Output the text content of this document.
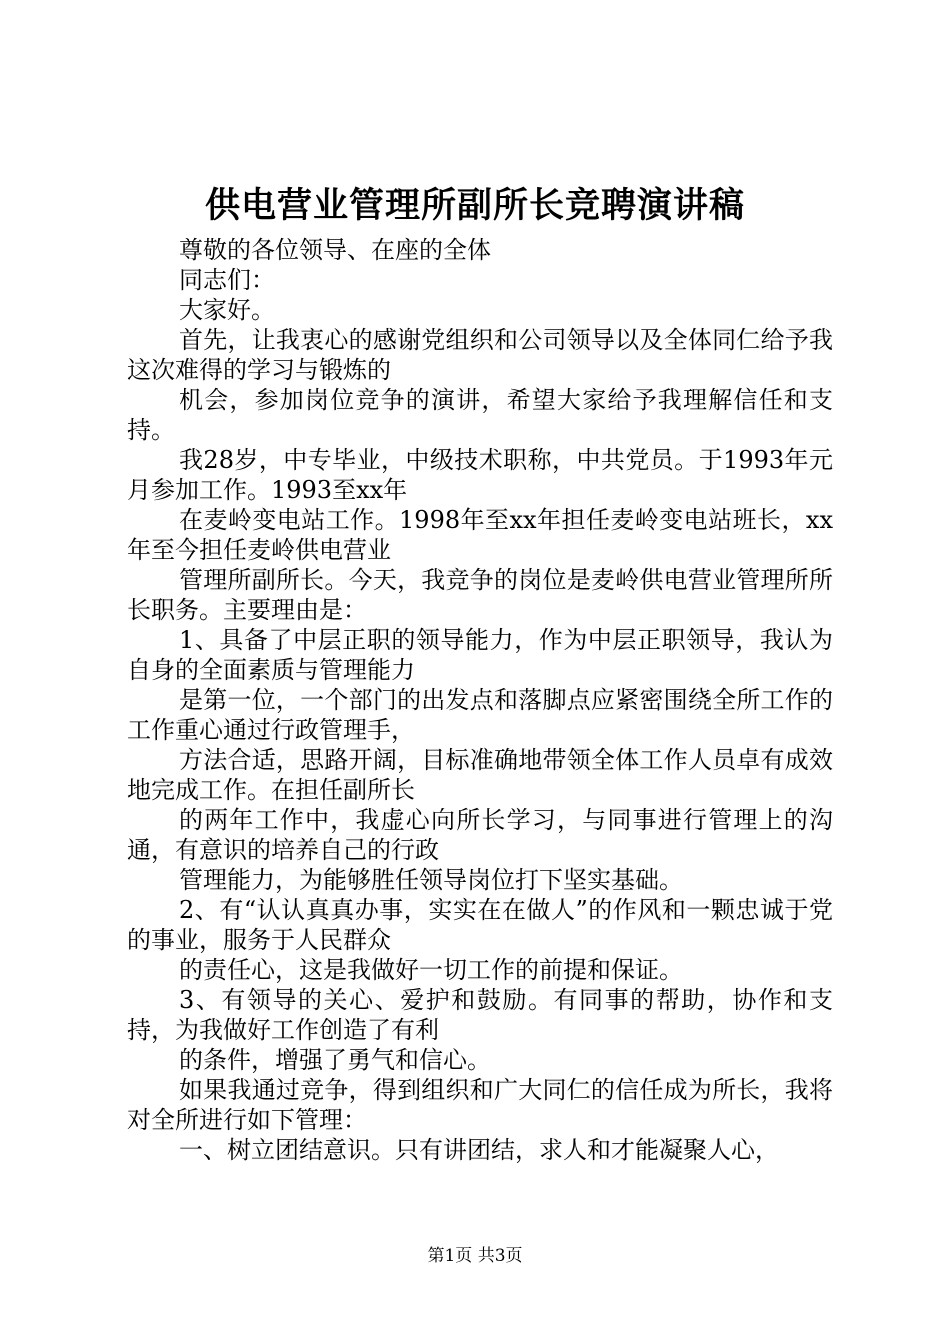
供电营业管理所副所长竞聘演讲稿

尊敬的各位领导、在座的全体

同志们：

大家好。

首先，让我衷心的感谢党组织和公司领导以及全体同仁给予我这次难得的学习与锻炼的

机会，参加岗位竞争的演讲，希望大家给予我理解信任和支持。

我28岁，中专毕业，中级技术职称，中共党员。于1993年元月参加工作。1993至xx年

在麦岭变电站工作。1998年至xx年担任麦岭变电站班长，xx年至今担任麦岭供电营业

管理所副所长。今天，我竞争的岗位是麦岭供电营业管理所所长职务。主要理由是：

1、具备了中层正职的领导能力，作为中层正职领导，我认为自身的全面素质与管理能力

是第一位，一个部门的出发点和落脚点应紧密围绕全所工作的工作重心通过行政管理手，

方法合适，思路开阔，目标准确地带领全体工作人员卓有成效地完成工作。在担任副所长

的两年工作中，我虚心向所长学习，与同事进行管理上的沟通，有意识的培养自己的行政

管理能力，为能够胜任领导岗位打下坚实基础。

2、有“认认真真办事，实实在在做人”的作风和一颗忠诚于党的事业，服务于人民群众

的责任心，这是我做好一切工作的前提和保证。

3、有领导的关心、爱护和鼓励。有同事的帮助，协作和支持，为我做好工作创造了有利

的条件，增强了勇气和信心。

如果我通过竞争，得到组织和广大同仁的信任成为所长，我将对全所进行如下管理：

一、树立团结意识。只有讲团结，求人和才能凝聚人心，

第1页 共3页
